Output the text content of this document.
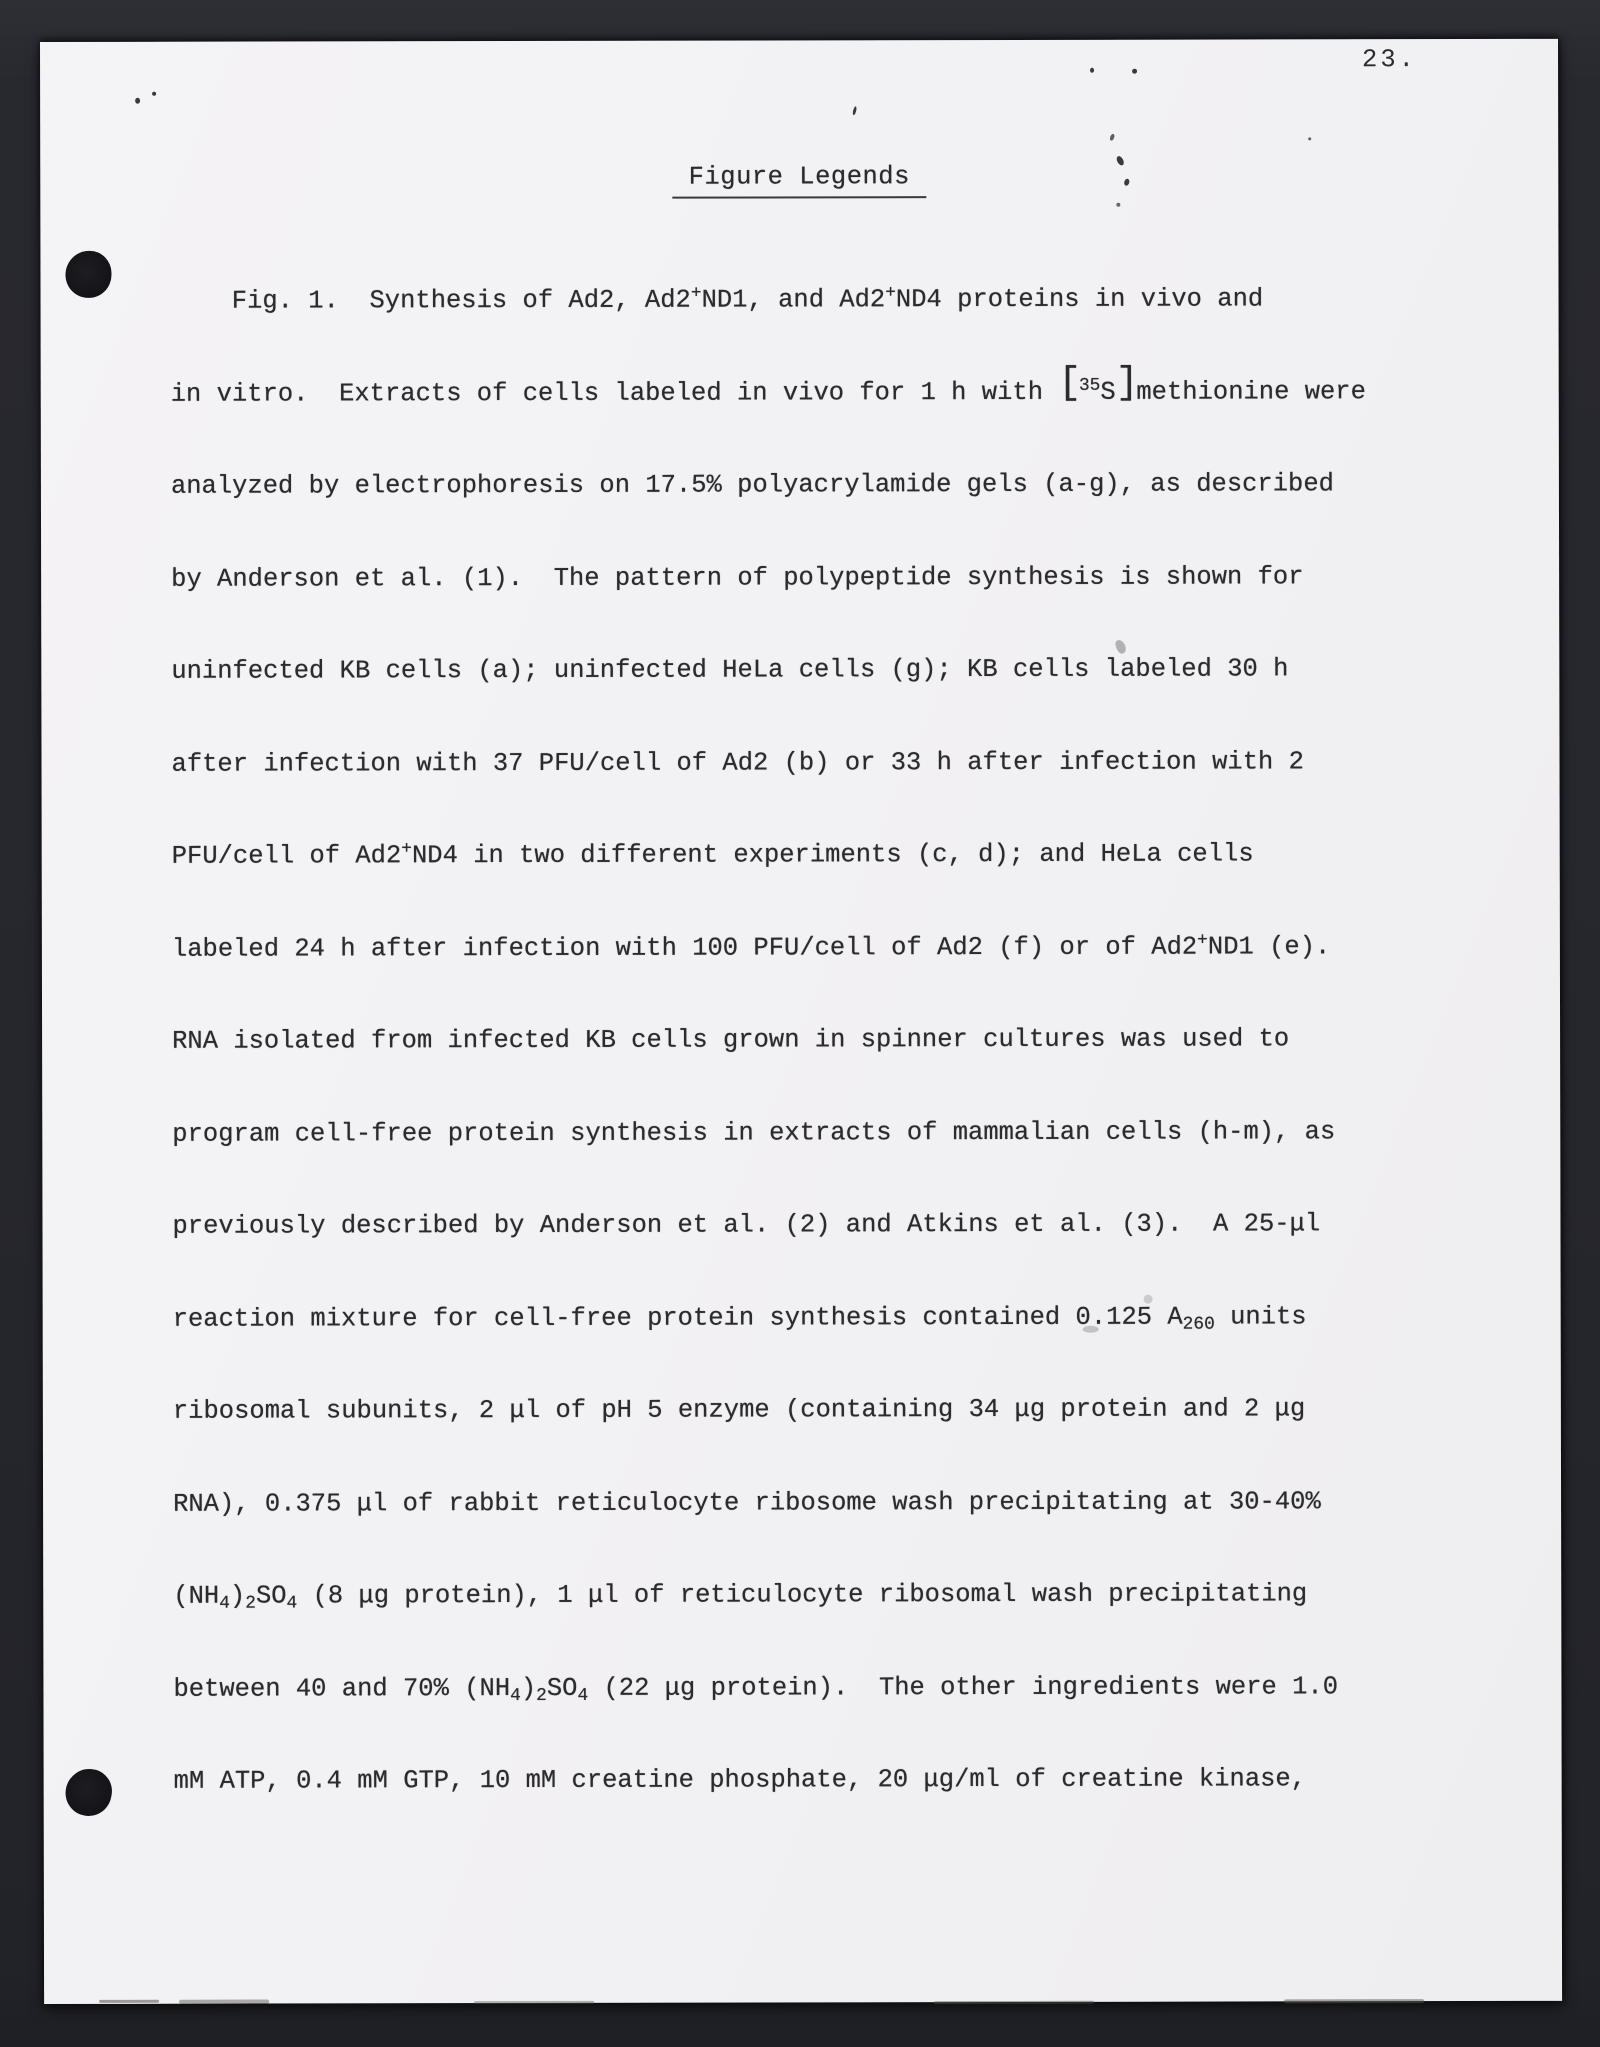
23.
Figure Legends
Fig. 1.  Synthesis of Ad2, Ad2+ND1, and Ad2+ND4 proteins in vivo and
in vitro.  Extracts of cells labeled in vivo for 1 h with [$^{35}$S]methionine were
analyzed by electrophoresis on 17.5% polyacrylamide gels (a-g), as described
by Anderson et al. (1).  The pattern of polypeptide synthesis is shown for
uninfected KB cells (a); uninfected HeLa cells (g); KB cells labeled 30 h
after infection with 37 PFU/cell of Ad2 (b) or 33 h after infection with 2
PFU/cell of Ad2+ND4 in two different experiments (c, d); and HeLa cells
labeled 24 h after infection with 100 PFU/cell of Ad2 (f) or of Ad2+ND1 (e).
RNA isolated from infected KB cells grown in spinner cultures was used to
program cell-free protein synthesis in extracts of mammalian cells (h-m), as
previously described by Anderson et al. (2) and Atkins et al. (3).  A 25-μl
reaction mixture for cell-free protein synthesis contained 0.125 $A_{260}$ units
ribosomal subunits, 2 μl of pH 5 enzyme (containing 34 μg protein and 2 μg
RNA), 0.375 μl of rabbit reticulocyte ribosome wash precipitating at 30-40%
$(NH_4)_2SO_4$ (8 μg protein), 1 μl of reticulocyte ribosomal wash precipitating
between 40 and 70% $(NH_4)_2SO_4$ (22 μg protein).  The other ingredients were 1.0
mM ATP, 0.4 mM GTP, 10 mM creatine phosphate, 20 μg/ml of creatine kinase,
